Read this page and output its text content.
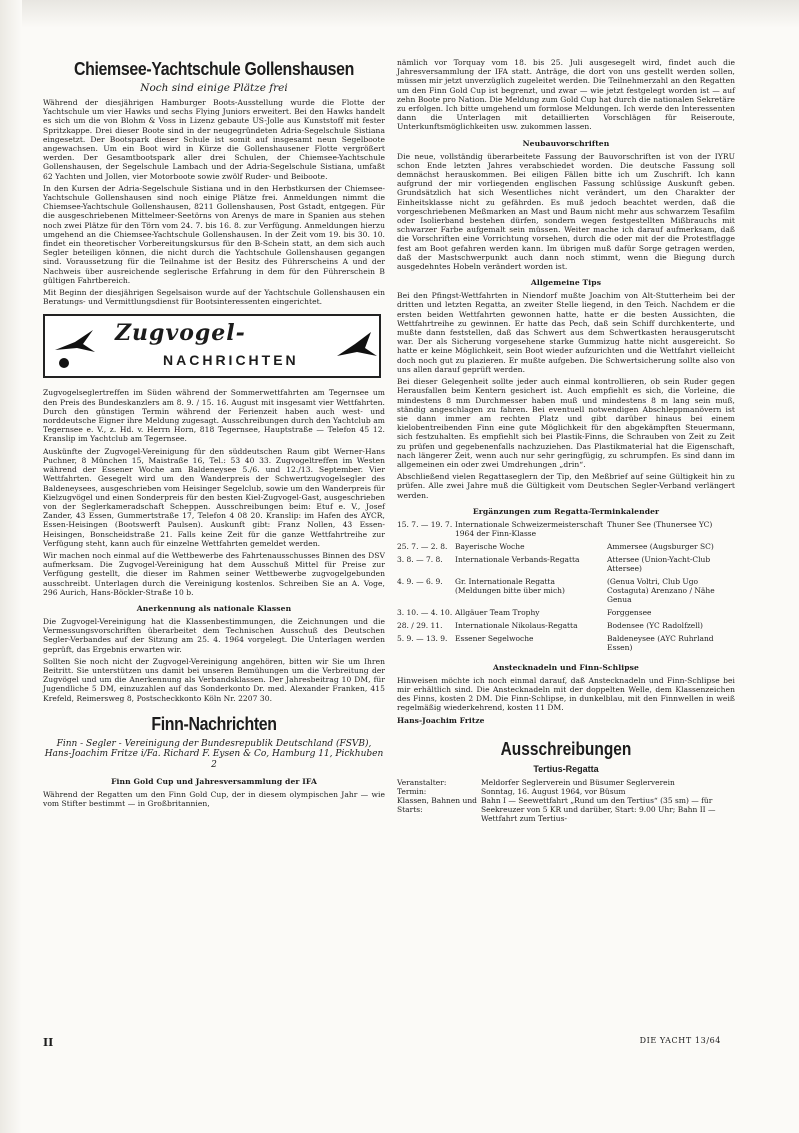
Chiemsee-Yachtschule Gollenshausen
Noch sind einige Plätze frei

Während der diesjährigen Hamburger Boots-Ausstellung wurde die Flotte der Yachtschule um vier Hawks und sechs Flying Juniors erweitert. Bei den Hawks handelt es sich um die von Blohm & Voss in Lizenz gebaute US-Jolle aus Kunststoff mit fester Spritzkappe. Drei dieser Boote sind in der neugegründeten Adria-Segelschule Sistiana eingesetzt. Der Bootspark dieser Schule ist somit auf insgesamt neun Segelboote angewachsen. Um ein Boot wird in Kürze die Gollenshausener Flotte vergrößert werden. Der Gesamtbootspark aller drei Schulen, der Chiemsee-Yachtschule Gollenshausen, der Segelschule Lambach und der Adria-Segelschule Sistiana, umfaßt 62 Yachten und Jollen, vier Motorboote sowie zwölf Ruder- und Beiboote.

In den Kursen der Adria-Segelschule Sistiana und in den Herbstkursen der Chiemsee-Yachtschule Gollenshausen sind noch einige Plätze frei. Anmeldungen nimmt die Chiemsee-Yachtschule Gollenshausen, 8211 Gollenshausen, Post Gstadt, entgegen. Für die ausgeschriebenen Mittelmeer-Seetörns von Arenys de mare in Spanien aus stehen noch zwei Plätze für den Törn vom 24. 7. bis 16. 8. zur Verfügung. Anmeldungen hierzu umgehend an die Chiemsee-Yachtschule Gollenshausen. In der Zeit vom 19. bis 30. 10. findet ein theoretischer Vorbereitungskursus für den B-Schein statt, an dem sich auch Segler beteiligen können, die nicht durch die Yachtschule Gollenshausen gegangen sind. Voraussetzung für die Teilnahme ist der Besitz des Führerscheins A und der Nachweis über ausreichende seglerische Erfahrung in dem für den Führerschein B gültigen Fahrtbereich.

Mit Beginn der diesjährigen Segelsaison wurde auf der Yachtschule Gollenshausen ein Beratungs- und Vermittlungsdienst für Bootsinteressenten eingerichtet.

Zugvogel-
NACHRICHTEN

Zugvogelseglertreffen im Süden während der Sommerwettfahrten am Tegernsee um den Preis des Bundeskanzlers am 8. 9. / 15. 16. August mit insgesamt vier Wettfahrten. Durch den günstigen Termin während der Ferienzeit haben auch west- und norddeutsche Eigner ihre Meldung zugesagt. Ausschreibungen durch den Yachtclub am Tegernsee e. V., z. Hd. v. Herrn Horn, 818 Tegernsee, Hauptstraße — Telefon 45 12. Kranslip im Yachtclub am Tegernsee.

Auskünfte der Zugvogel-Vereinigung für den süddeutschen Raum gibt Werner-Hans Puchner, 8 München 15, Maistraße 16, Tel.: 53 40 33. Zugvogeltreffen im Westen während der Essener Woche am Baldeneysee 5./6. und 12./13. September. Vier Wettfahrten. Gesegelt wird um den Wanderpreis der Schwertzugvogelsegler des Baldeneysees, ausgeschrieben vom Heisinger Segelclub, sowie um den Wanderpreis für Kielzugvögel und einen Sonderpreis für den besten Kiel-Zugvogel-Gast, ausgeschrieben von der Seglerkameradschaft Scheppen. Ausschreibungen beim: Etuf e. V., Josef Zander, 43 Essen, Gummertstraße 17, Telefon 4 08 20. Kranslip: im Hafen des AYCR, Essen-Heisingen (Bootswerft Paulsen). Auskunft gibt: Franz Nollen, 43 Essen-Heisingen, Bonscheidstraße 21. Falls keine Zeit für die ganze Wettfahrtreihe zur Verfügung steht, kann auch für einzelne Wettfahrten gemeldet werden.

Wir machen noch einmal auf die Wettbewerbe des Fahrtenausschusses Binnen des DSV aufmerksam. Die Zugvogel-Vereinigung hat dem Ausschuß Mittel für Preise zur Verfügung gestellt, die dieser im Rahmen seiner Wettbewerbe zugvogelgebunden ausschreibt. Unterlagen durch die Vereinigung kostenlos. Schreiben Sie an A. Voge, 296 Aurich, Hans-Böckler-Straße 10 b.

Anerkennung als nationale Klassen

Die Zugvogel-Vereinigung hat die Klassenbestimmungen, die Zeichnungen und die Vermessungsvorschriften überarbeitet dem Technischen Ausschuß des Deutschen Segler-Verbandes auf der Sitzung am 25. 4. 1964 vorgelegt. Die Unterlagen werden geprüft, das Ergebnis erwarten wir.

Sollten Sie noch nicht der Zugvogel-Vereinigung angehören, bitten wir Sie um Ihren Beitritt. Sie unterstützen uns damit bei unseren Bemühungen um die Verbreitung der Zugvögel und um die Anerkennung als Verbandsklassen. Der Jahresbeitrag 10 DM, für Jugendliche 5 DM, einzuzahlen auf das Sonderkonto Dr. med. Alexander Franken, 415 Krefeld, Reimersweg 8, Postscheckkonto Köln Nr. 2207 30.

Finn-Nachrichten
Finn - Segler - Vereinigung der Bundesrepublik Deutschland (FSVB), Hans-Joachim Fritze i/Fa. Richard F. Eysen & Co, Hamburg 11, Pickhuben 2
Finn Gold Cup und Jahresversammlung der IFA

Während der Regatten um den Finn Gold Cup, der in diesem olympischen Jahr — wie vom Stifter bestimmt — in Großbritannien,

nämlich vor Torquay vom 18. bis 25. Juli ausgesegelt wird, findet auch die Jahresversammlung der IFA statt. Anträge, die dort von uns gestellt werden sollen, müssen mir jetzt unverzüglich zugeleitet werden. Die Teilnehmerzahl an den Regatten um den Finn Gold Cup ist begrenzt, und zwar — wie jetzt festgelegt worden ist — auf zehn Boote pro Nation. Die Meldung zum Gold Cup hat durch die nationalen Sekretäre zu erfolgen. Ich bitte umgehend um formlose Meldungen. Ich werde den Interessenten dann die Unterlagen mit detaillierten Vorschlägen für Reiseroute, Unterkunftsmöglichkeiten usw. zukommen lassen.

Neubauvorschriften

Die neue, vollständig überarbeitete Fassung der Bauvorschriften ist von der IYRU schon Ende letzten Jahres verabschiedet worden. Die deutsche Fassung soll demnächst herauskommen. Bei eiligen Fällen bitte ich um Zuschrift. Ich kann aufgrund der mir vorliegenden englischen Fassung schlüssige Auskunft geben. Grundsätzlich hat sich Wesentliches nicht verändert, um den Charakter der Einheitsklasse nicht zu gefährden. Es muß jedoch beachtet werden, daß die vorgeschriebenen Meßmarken an Mast und Baum nicht mehr aus schwarzem Tesafilm oder Isolierband bestehen dürfen, sondern wegen festgestellten Mißbrauchs mit schwarzer Farbe aufgemalt sein müssen. Weiter mache ich darauf aufmerksam, daß die Vorschriften eine Vorrichtung vorsehen, durch die oder mit der die Protestflagge fest am Boot gefahren werden kann. Im übrigen muß dafür Sorge getragen werden, daß der Mastschwerpunkt auch dann noch stimmt, wenn die Biegung durch ausgedehntes Hobeln verändert worden ist.

Allgemeine Tips

Bei den Pfingst-Wettfahrten in Niendorf mußte Joachim von Alt-Stutterheim bei der dritten und letzten Regatta, an zweiter Stelle liegend, in den Teich. Nachdem er die ersten beiden Wettfahrten gewonnen hatte, hatte er die besten Aussichten, die Wettfahrtreihe zu gewinnen. Er hatte das Pech, daß sein Schiff durchkenterte, und mußte dann feststellen, daß das Schwert aus dem Schwertkasten herausgerutscht war. Der als Sicherung vorgesehene starke Gummizug hatte nicht ausgereicht. So hatte er keine Möglichkeit, sein Boot wieder aufzurichten und die Wettfahrt vielleicht doch noch gut zu plazieren. Er mußte aufgeben. Die Schwertsicherung sollte also von uns allen darauf geprüft werden.

Bei dieser Gelegenheit sollte jeder auch einmal kontrollieren, ob sein Ruder gegen Herausfallen beim Kentern gesichert ist. Auch empfiehlt es sich, die Vorleine, die mindestens 8 mm Durchmesser haben muß und mindestens 8 m lang sein muß, ständig angeschlagen zu fahren. Bei eventuell notwendigen Abschleppmanövern ist sie dann immer am rechten Platz und gibt darüber hinaus bei einem kielobentreibenden Finn eine gute Möglichkeit für den abgekämpften Steuermann, sich festzuhalten. Es empfiehlt sich bei Plastik-Finns, die Schrauben von Zeit zu Zeit zu prüfen und gegebenenfalls nachzuziehen. Das Plastikmaterial hat die Eigenschaft, nach längerer Zeit, wenn auch nur sehr geringfügig, zu schrumpfen. Es sind dann im allgemeinen ein oder zwei Umdrehungen „drin“.

Abschließend vielen Regattaseglern der Tip, den Meßbrief auf seine Gültigkeit hin zu prüfen. Alle zwei Jahre muß die Gültigkeit vom Deutschen Segler-Verband verlängert werden.

Ergänzungen zum Regatta-Terminkalender
15. 7. — 19. 7.	Internationale Schweizermeisterschaft 1964 der Finn-Klasse	Thuner See (Thunersee YC)
25. 7. — 2. 8.	Bayerische Woche	Ammersee (Augsburger SC)
3. 8. — 7. 8.	Internationale Verbands-Regatta	Attersee (Union-Yacht-Club Attersee)
4. 9. — 6. 9.	Gr. Internationale Regatta (Meldungen bitte über mich)	(Genua Voltri, Club Ugo Costaguta) Arenzano / Nähe Genua
3. 10. — 4. 10.	Allgäuer Team Trophy	Forggensee
28. / 29. 11.	Internationale Nikolaus-Regatta	Bodensee (YC Radolfzell)
5. 9. — 13. 9.	Essener Segelwoche	Baldeneysee (AYC Ruhrland Essen)
Anstecknadeln und Finn-Schlipse

Hinweisen möchte ich noch einmal darauf, daß Anstecknadeln und Finn-Schlipse bei mir erhältlich sind. Die Anstecknadeln mit der doppelten Welle, dem Klassenzeichen des Finns, kosten 2 DM. Die Finn-Schlipse, in dunkelblau, mit den Finnwellen in weiß regelmäßig wiederkehrend, kosten 11 DM.

Hans-Joachim Fritze

Ausschreibungen
Tertius-Regatta
Veranstalter:	Meldorfer Seglerverein und Büsumer Seglerverein
Termin:	Sonntag, 16. August 1964, vor Büsum
Klassen, Bahnen und Starts:	Bahn I — Seewettfahrt „Rund um den Tertius“ (35 sm) — für Seekreuzer von 5 KR und darüber, Start: 9.00 Uhr; Bahn II — Wettfahrt zum Tertius-
II	DIE YACHT 13/64
